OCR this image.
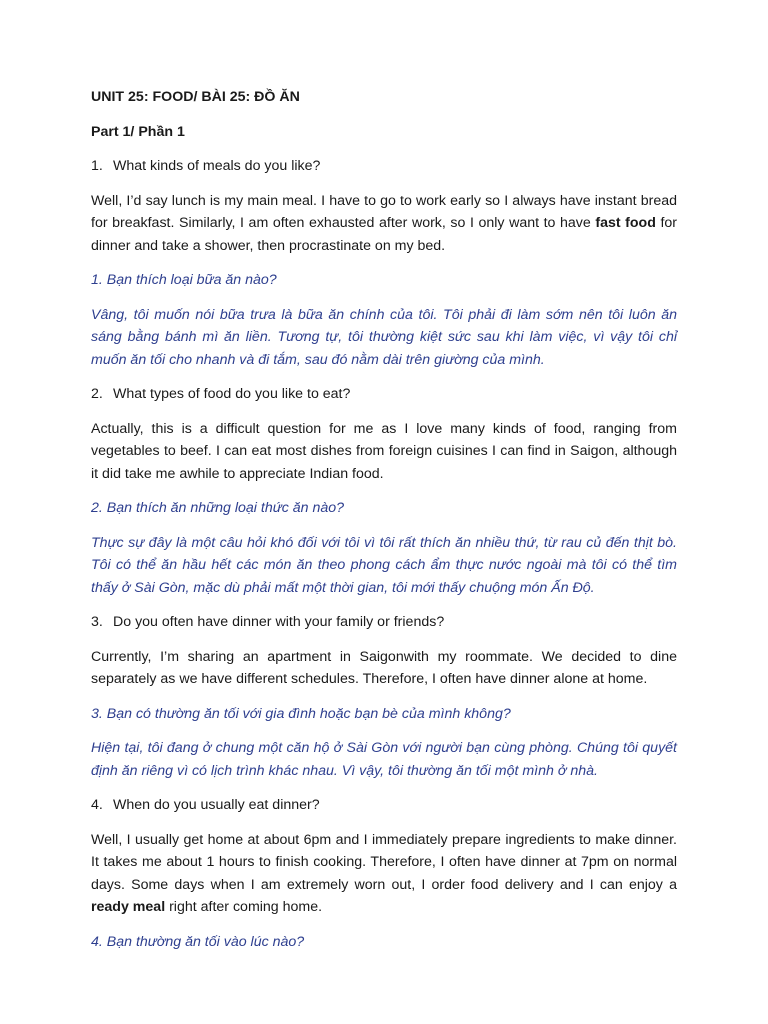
UNIT 25: FOOD/ BÀI 25: ĐỒ ĂN

Part 1/ Phần 1

1. What kinds of meals do you like?

Well, I’d say lunch is my main meal. I have to go to work early so I always have instant bread for breakfast. Similarly, I am often exhausted after work, so I only want to have fast food for dinner and take a shower, then procrastinate on my bed.

1. Bạn thích loại bữa ăn nào?

Vâng, tôi muốn nói bữa trưa là bữa ăn chính của tôi. Tôi phải đi làm sớm nên tôi luôn ăn sáng bằng bánh mì ăn liền. Tương tự, tôi thường kiệt sức sau khi làm việc, vì vậy tôi chỉ muốn ăn tối cho nhanh và đi tắm, sau đó nằm dài trên giường của mình.

2. What types of food do you like to eat?

Actually, this is a difficult question for me as I love many kinds of food, ranging from vegetables to beef. I can eat most dishes from foreign cuisines I can find in Saigon, although it did take me awhile to appreciate Indian food.

2. Bạn thích ăn những loại thức ăn nào?

Thực sự đây là một câu hỏi khó đối với tôi vì tôi rất thích ăn nhiều thứ, từ rau củ đến thịt bò. Tôi có thể ăn hầu hết các món ăn theo phong cách ẩm thực nước ngoài mà tôi có thể tìm thấy ở Sài Gòn, mặc dù phải mất một thời gian, tôi mới thấy chuộng món Ấn Độ.

3. Do you often have dinner with your family or friends?

Currently, I’m sharing an apartment in Saigonwith my roommate. We decided to dine separately as we have different schedules. Therefore, I often have dinner alone at home.

3. Bạn có thường ăn tối với gia đình hoặc bạn bè của mình không?

Hiện tại, tôi đang ở chung một căn hộ ở Sài Gòn với người bạn cùng phòng. Chúng tôi quyết định ăn riêng vì có lịch trình khác nhau. Vì vậy, tôi thường ăn tối một mình ở nhà.

4. When do you usually eat dinner?

Well, I usually get home at about 6pm and I immediately prepare ingredients to make dinner. It takes me about 1 hours to finish cooking. Therefore, I often have dinner at 7pm on normal days. Some days when I am extremely worn out, I order food delivery and I can enjoy a ready meal right after coming home.

4. Bạn thường ăn tối vào lúc nào?
